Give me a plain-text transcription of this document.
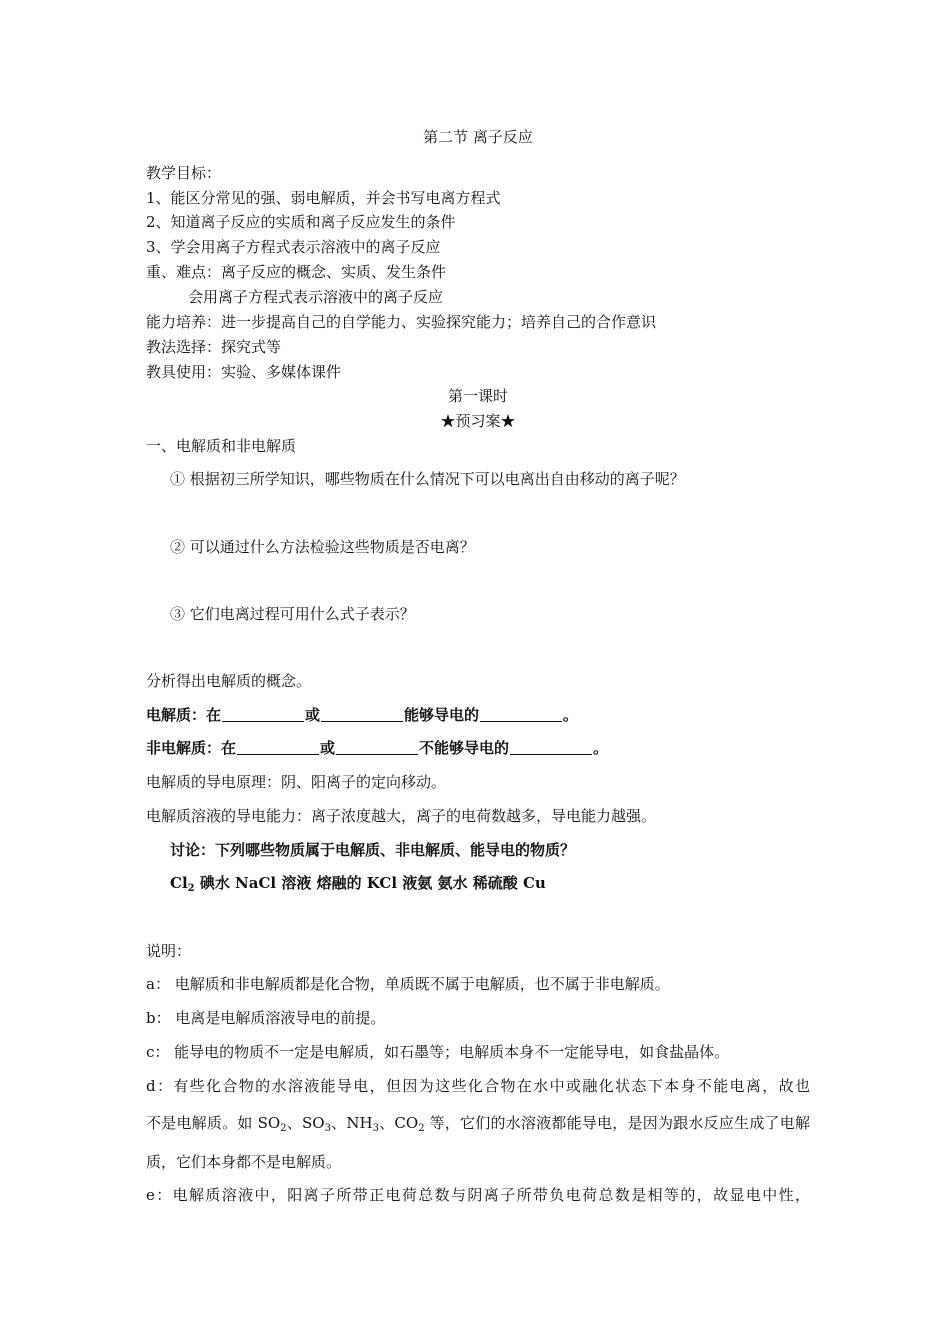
第二节 离子反应
教学目标：
1、能区分常见的强、弱电解质，并会书写电离方程式
2、知道离子反应的实质和离子反应发生的条件
3、学会用离子方程式表示溶液中的离子反应
重、难点：离子反应的概念、实质、发生条件
会用离子方程式表示溶液中的离子反应
能力培养：进一步提高自己的自学能力、实验探究能力；培养自己的合作意识
教法选择：探究式等
教具使用：实验、多媒体课件
第一课时
★预习案★
一、电解质和非电解质
① 根据初三所学知识，哪些物质在什么情况下可以电离出自由移动的离子呢？
② 可以通过什么方法检验这些物质是否电离？
③ 它们电离过程可用什么式子表示？
分析得出电解质的概念。
电解质：在	或	能够导电的	。
非电解质：在	或	不能够导电的	。
电解质的导电原理：阴、阳离子的定向移动。
电解质溶液的导电能力：离子浓度越大，离子的电荷数越多，导电能力越强。
讨论：下列哪些物质属于电解质、非电解质、能导电的物质？
$Cl_2$ 碘水 NaCl 溶液 熔融的 KCl 液氨 氨水 稀硫酸 Cu
说明：
a： 电解质和非电解质都是化合物，单质既不属于电解质，也不属于非电解质。
b： 电离是电解质溶液导电的前提。
c： 能导电的物质不一定是电解质，如石墨等；电解质本身不一定能导电，如食盐晶体。
d：有些化合物的水溶液能导电，但因为这些化合物在水中或融化状态下本身不能电离，故也
不是电解质。如 $SO_2$、$SO_3$、$NH_3$、$CO_2$ 等，它们的水溶液都能导电，是因为跟水反应生成了电解
质，它们本身都不是电解质。
e：电解质溶液中，阳离子所带正电荷总数与阴离子所带负电荷总数是相等的，故显电中性，
